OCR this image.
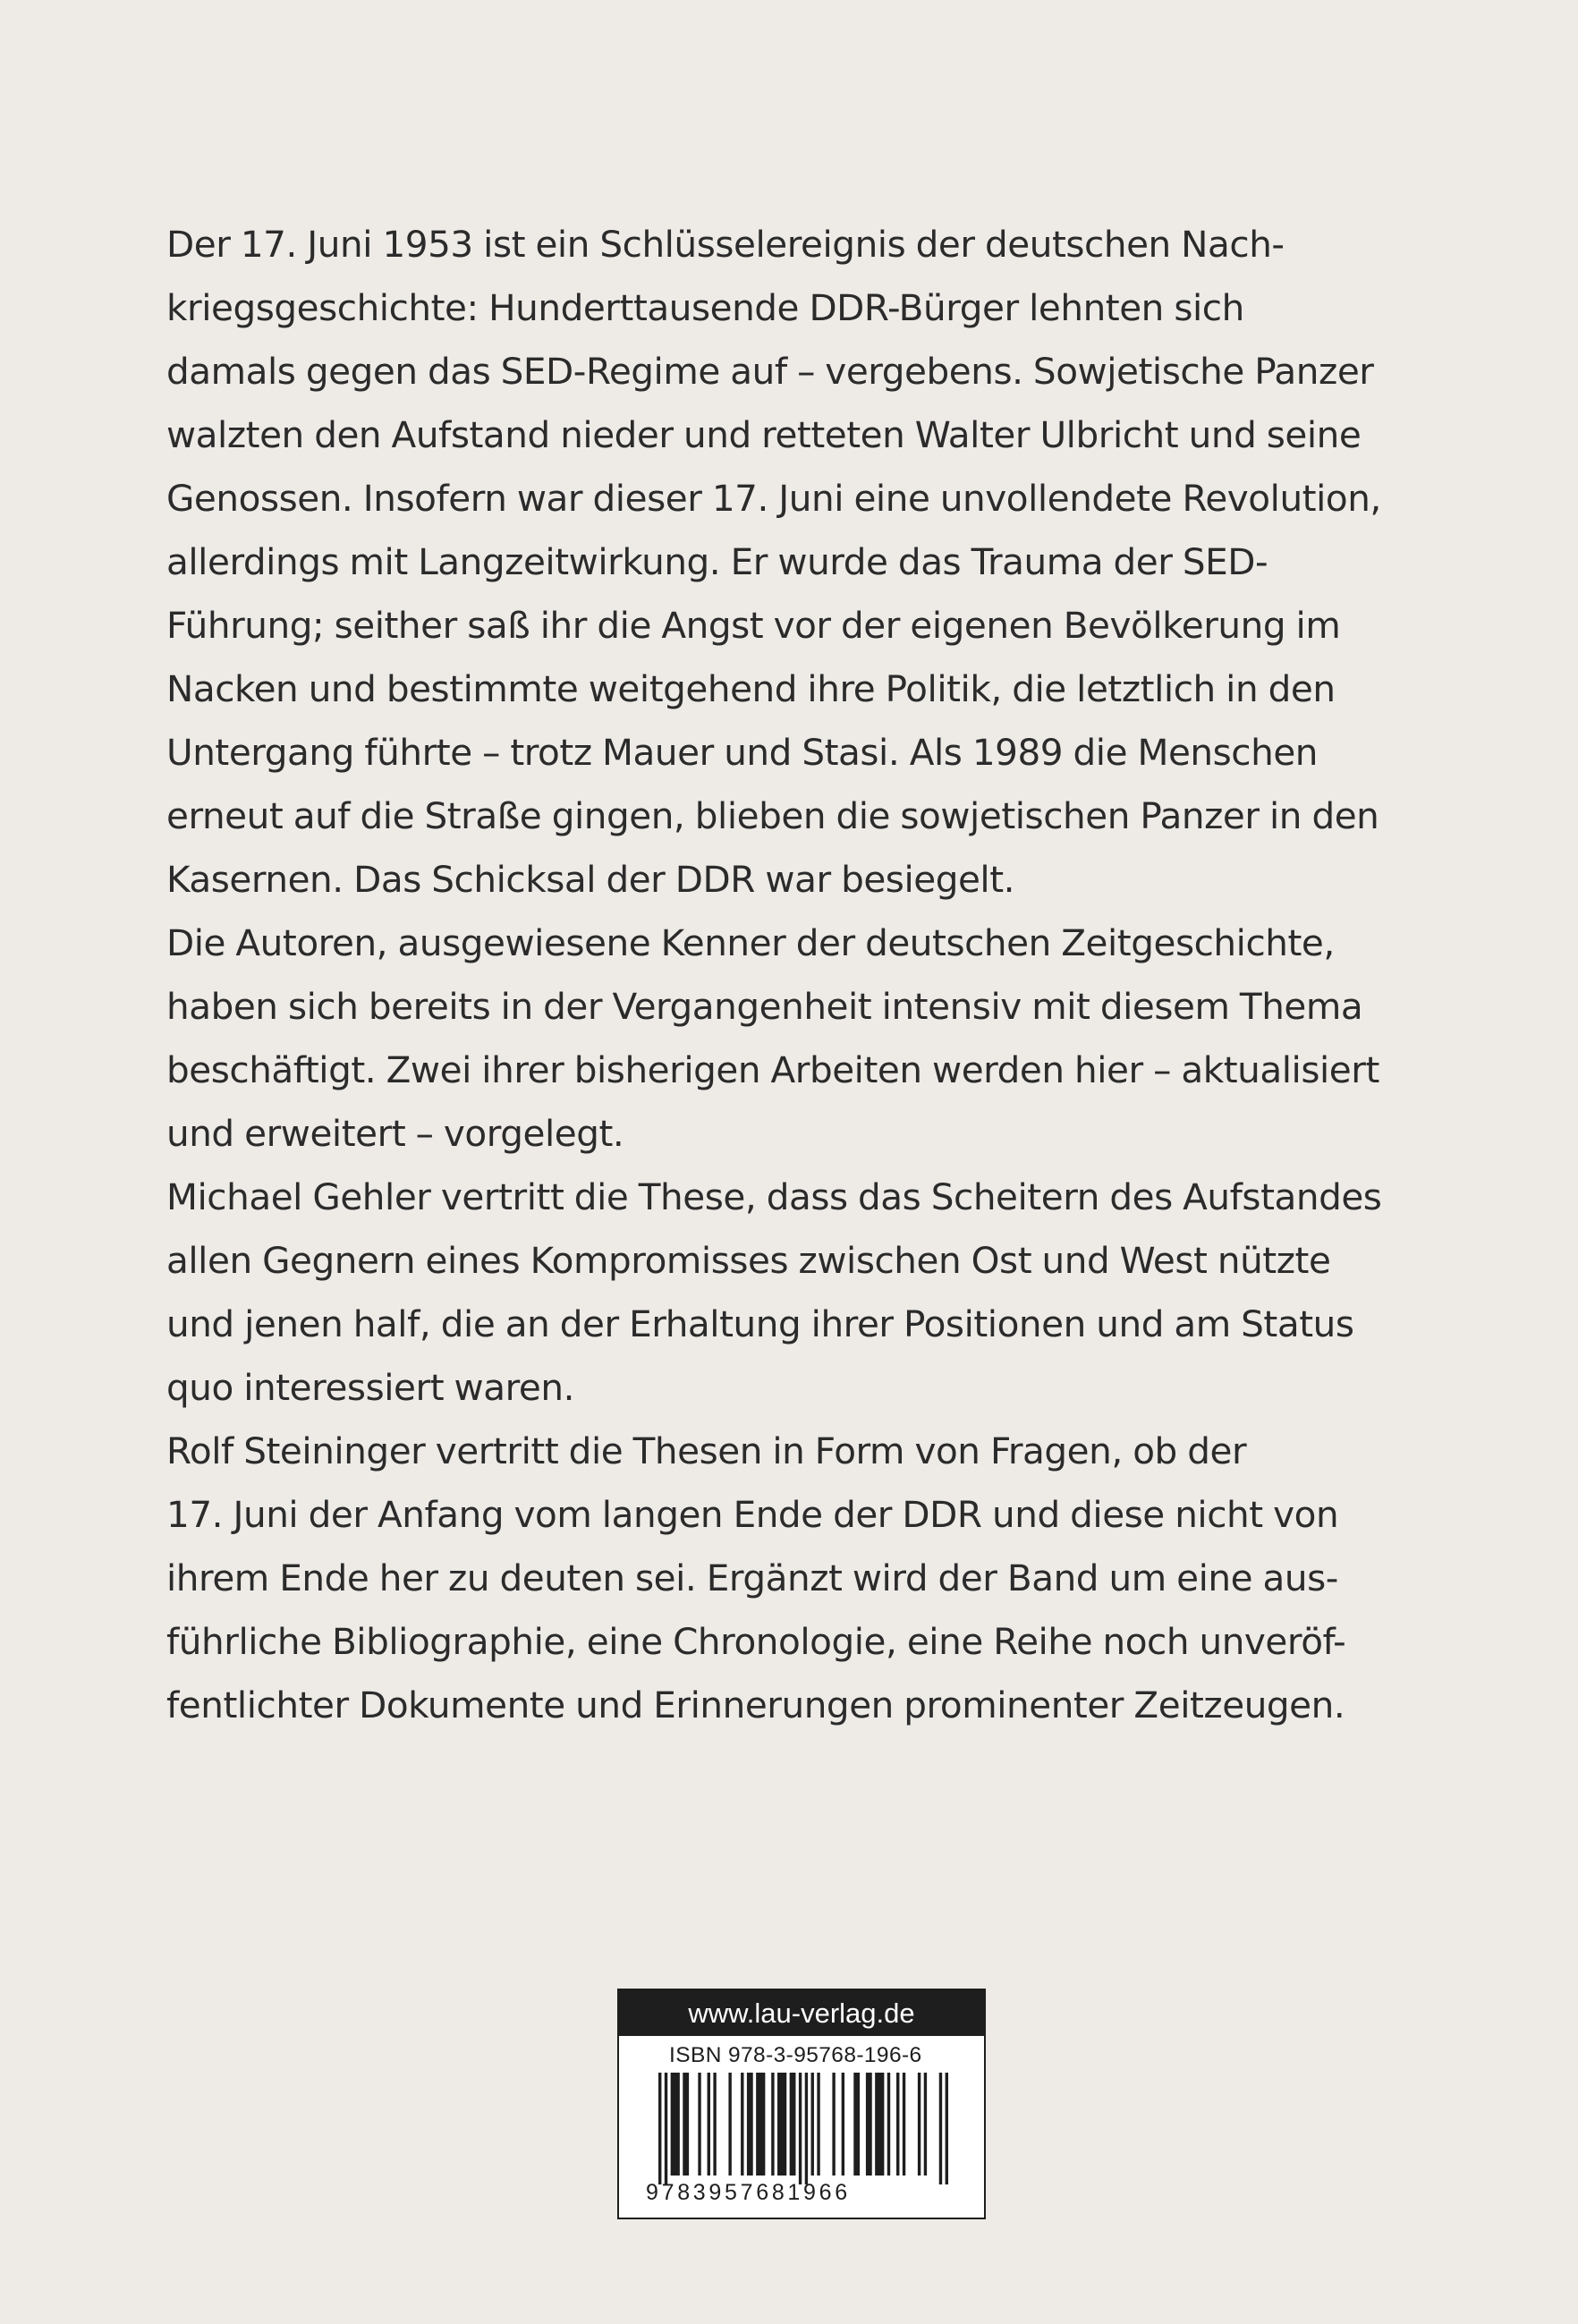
Der 17. Juni 1953 ist ein Schlüsselereignis der deutschen Nach-
kriegsgeschichte: Hunderttausende DDR-Bürger lehnten sich
damals gegen das SED-Regime auf – vergebens. Sowjetische Panzer
walzten den Aufstand nieder und retteten Walter Ulbricht und seine
Genossen. Insofern war dieser 17. Juni eine unvollendete Revolution,
allerdings mit Langzeitwirkung. Er wurde das Trauma der SED-
Führung; seither saß ihr die Angst vor der eigenen Bevölkerung im
Nacken und bestimmte weitgehend ihre Politik, die letztlich in den
Untergang führte – trotz Mauer und Stasi. Als 1989 die Menschen
erneut auf die Straße gingen, blieben die sowjetischen Panzer in den
Kasernen. Das Schicksal der DDR war besiegelt.
Die Autoren, ausgewiesene Kenner der deutschen Zeitgeschichte,
haben sich bereits in der Vergangenheit intensiv mit diesem Thema
beschäftigt. Zwei ihrer bisherigen Arbeiten werden hier – aktualisiert
und erweitert – vorgelegt.
Michael Gehler vertritt die These, dass das Scheitern des Aufstandes
allen Gegnern eines Kompromisses zwischen Ost und West nützte
und jenen half, die an der Erhaltung ihrer Positionen und am Status
quo interessiert waren.
Rolf Steininger vertritt die Thesen in Form von Fragen, ob der
17. Juni der Anfang vom langen Ende der DDR und diese nicht von
ihrem Ende her zu deuten sei. Ergänzt wird der Band um eine aus-
führliche Bibliographie, eine Chronologie, eine Reihe noch unveröf-
fentlichter Dokumente und Erinnerungen prominenter Zeitzeugen.
www.lau-verlag.de
ISBN 978-3-95768-196-6
9783957681966
